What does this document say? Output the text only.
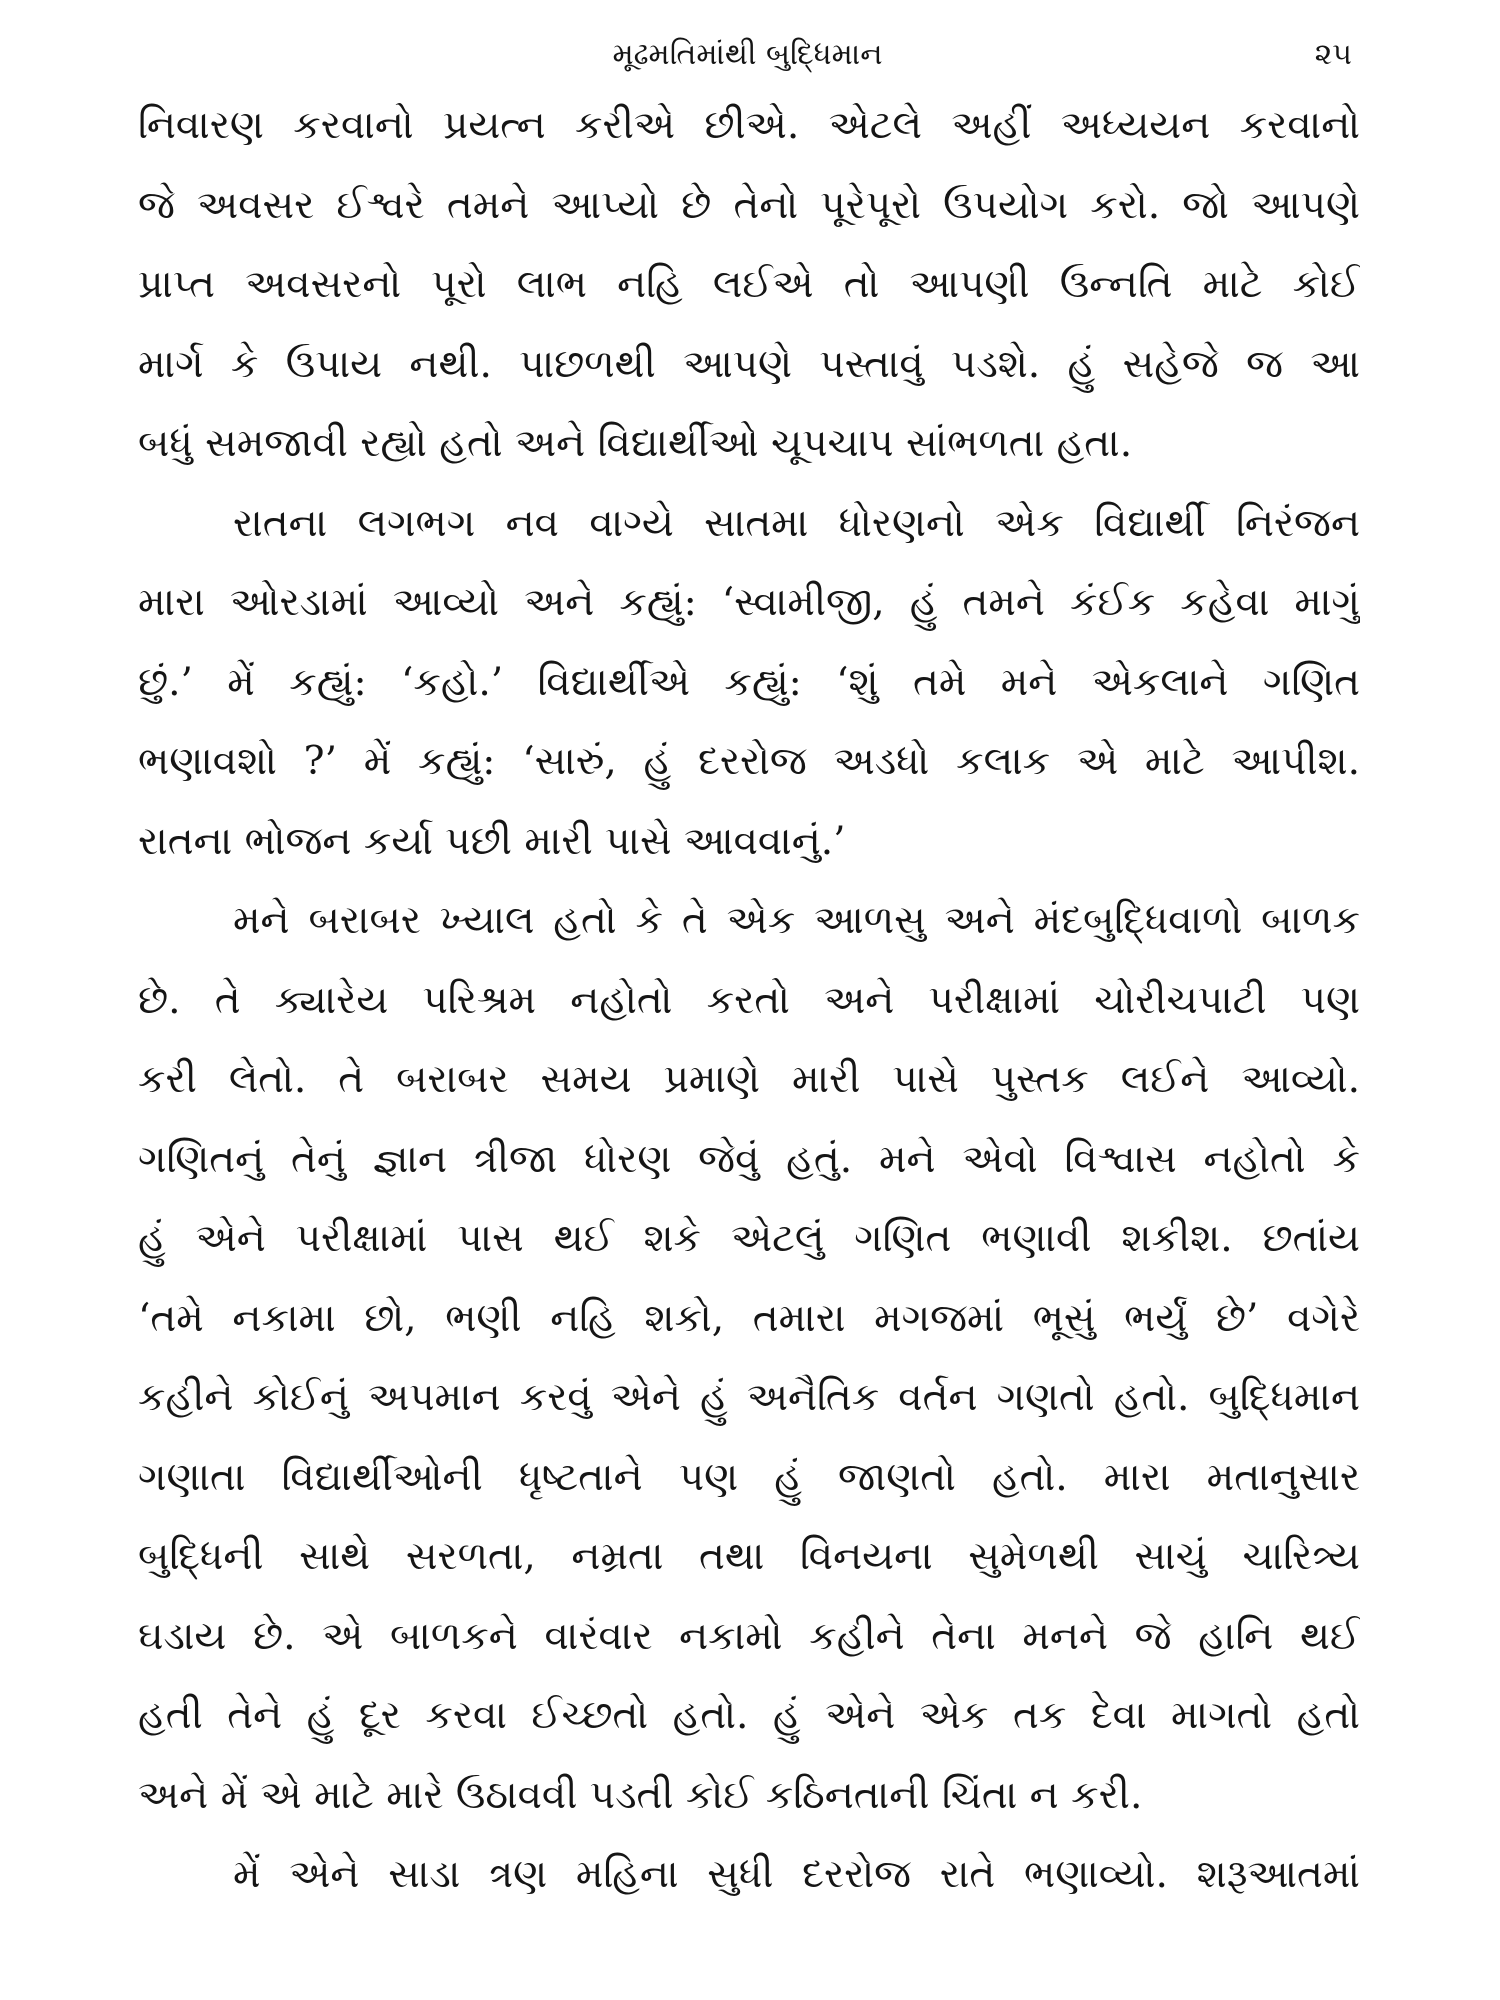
મૂઢમતિમાંથી બુદ્ધિમાન	૨૫
નિવારણ કરવાનો પ્રયત્ન કરીએ છીએ. એટલે અહીં અધ્યયન કરવાનો
જે અવસર ઈશ્વરે તમને આપ્યો છે તેનો પૂરેપૂરો ઉપયોગ કરો. જો આપણે
પ્રાપ્ત અવસરનો પૂરો લાભ નહિ લઈએ તો આપણી ઉન્નતિ માટે કોઈ
માર્ગ કે ઉપાય નથી. પાછળથી આપણે પસ્તાવું પડશે. હું સહેજે જ આ
બધું સમજાવી રહ્યો હતો અને વિદ્યાર્થીઓ ચૂપચાપ સાંભળતા હતા.
રાતના લગભગ નવ વાગ્યે સાતમા ધોરણનો એક વિદ્યાર્થી નિરંજન
મારા ઓરડામાં આવ્યો અને કહ્યું: ‘સ્વામીજી, હું તમને કંઈક કહેવા માગું
છું.’ મેં કહ્યું: ‘કહો.’ વિદ્યાર્થીએ કહ્યું: ‘શું તમે મને એકલાને ગણિત
ભણાવશો ?’ મેં કહ્યું: ‘સારું, હું દરરોજ અડધો કલાક એ માટે આપીશ.
રાતના ભોજન કર્યા પછી મારી પાસે આવવાનું.’
મને બરાબર ખ્યાલ હતો કે તે એક આળસુ અને મંદબુદ્ધિવાળો બાળક
છે. તે ક્યારેય પરિશ્રમ નહોતો કરતો અને પરીક્ષામાં ચોરીચપાટી પણ
કરી લેતો. તે બરાબર સમય પ્રમાણે મારી પાસે પુસ્તક લઈને આવ્યો.
ગણિતનું તેનું જ્ઞાન ત્રીજા ધોરણ જેવું હતું. મને એવો વિશ્વાસ નહોતો કે
હું એને પરીક્ષામાં પાસ થઈ શકે એટલું ગણિત ભણાવી શકીશ. છતાંય
‘તમે નકામા છો, ભણી નહિ શકો, તમારા મગજમાં ભૂસું ભર્યું છે’ વગેરે
કહીને કોઈનું અપમાન કરવું એને હું અનૈતિક વર્તન ગણતો હતો. બુદ્ધિમાન
ગણાતા વિદ્યાર્થીઓની ધૃષ્ટતાને પણ હું જાણતો હતો. મારા મતાનુસાર
બુદ્ધિની સાથે સરળતા, નમ્રતા તથા વિનયના સુમેળથી સાચું ચારિત્ર્ય
ઘડાય છે. એ બાળકને વારંવાર નકામો કહીને તેના મનને જે હાનિ થઈ
હતી તેને હું દૂર કરવા ઈચ્છતો હતો. હું એને એક તક દેવા માગતો હતો
અને મેં એ માટે મારે ઉઠાવવી પડતી કોઈ કઠિનતાની ચિંતા ન કરી.
મેં એને સાડા ત્રણ મહિના સુધી દરરોજ રાતે ભણાવ્યો. શરૂઆતમાં
